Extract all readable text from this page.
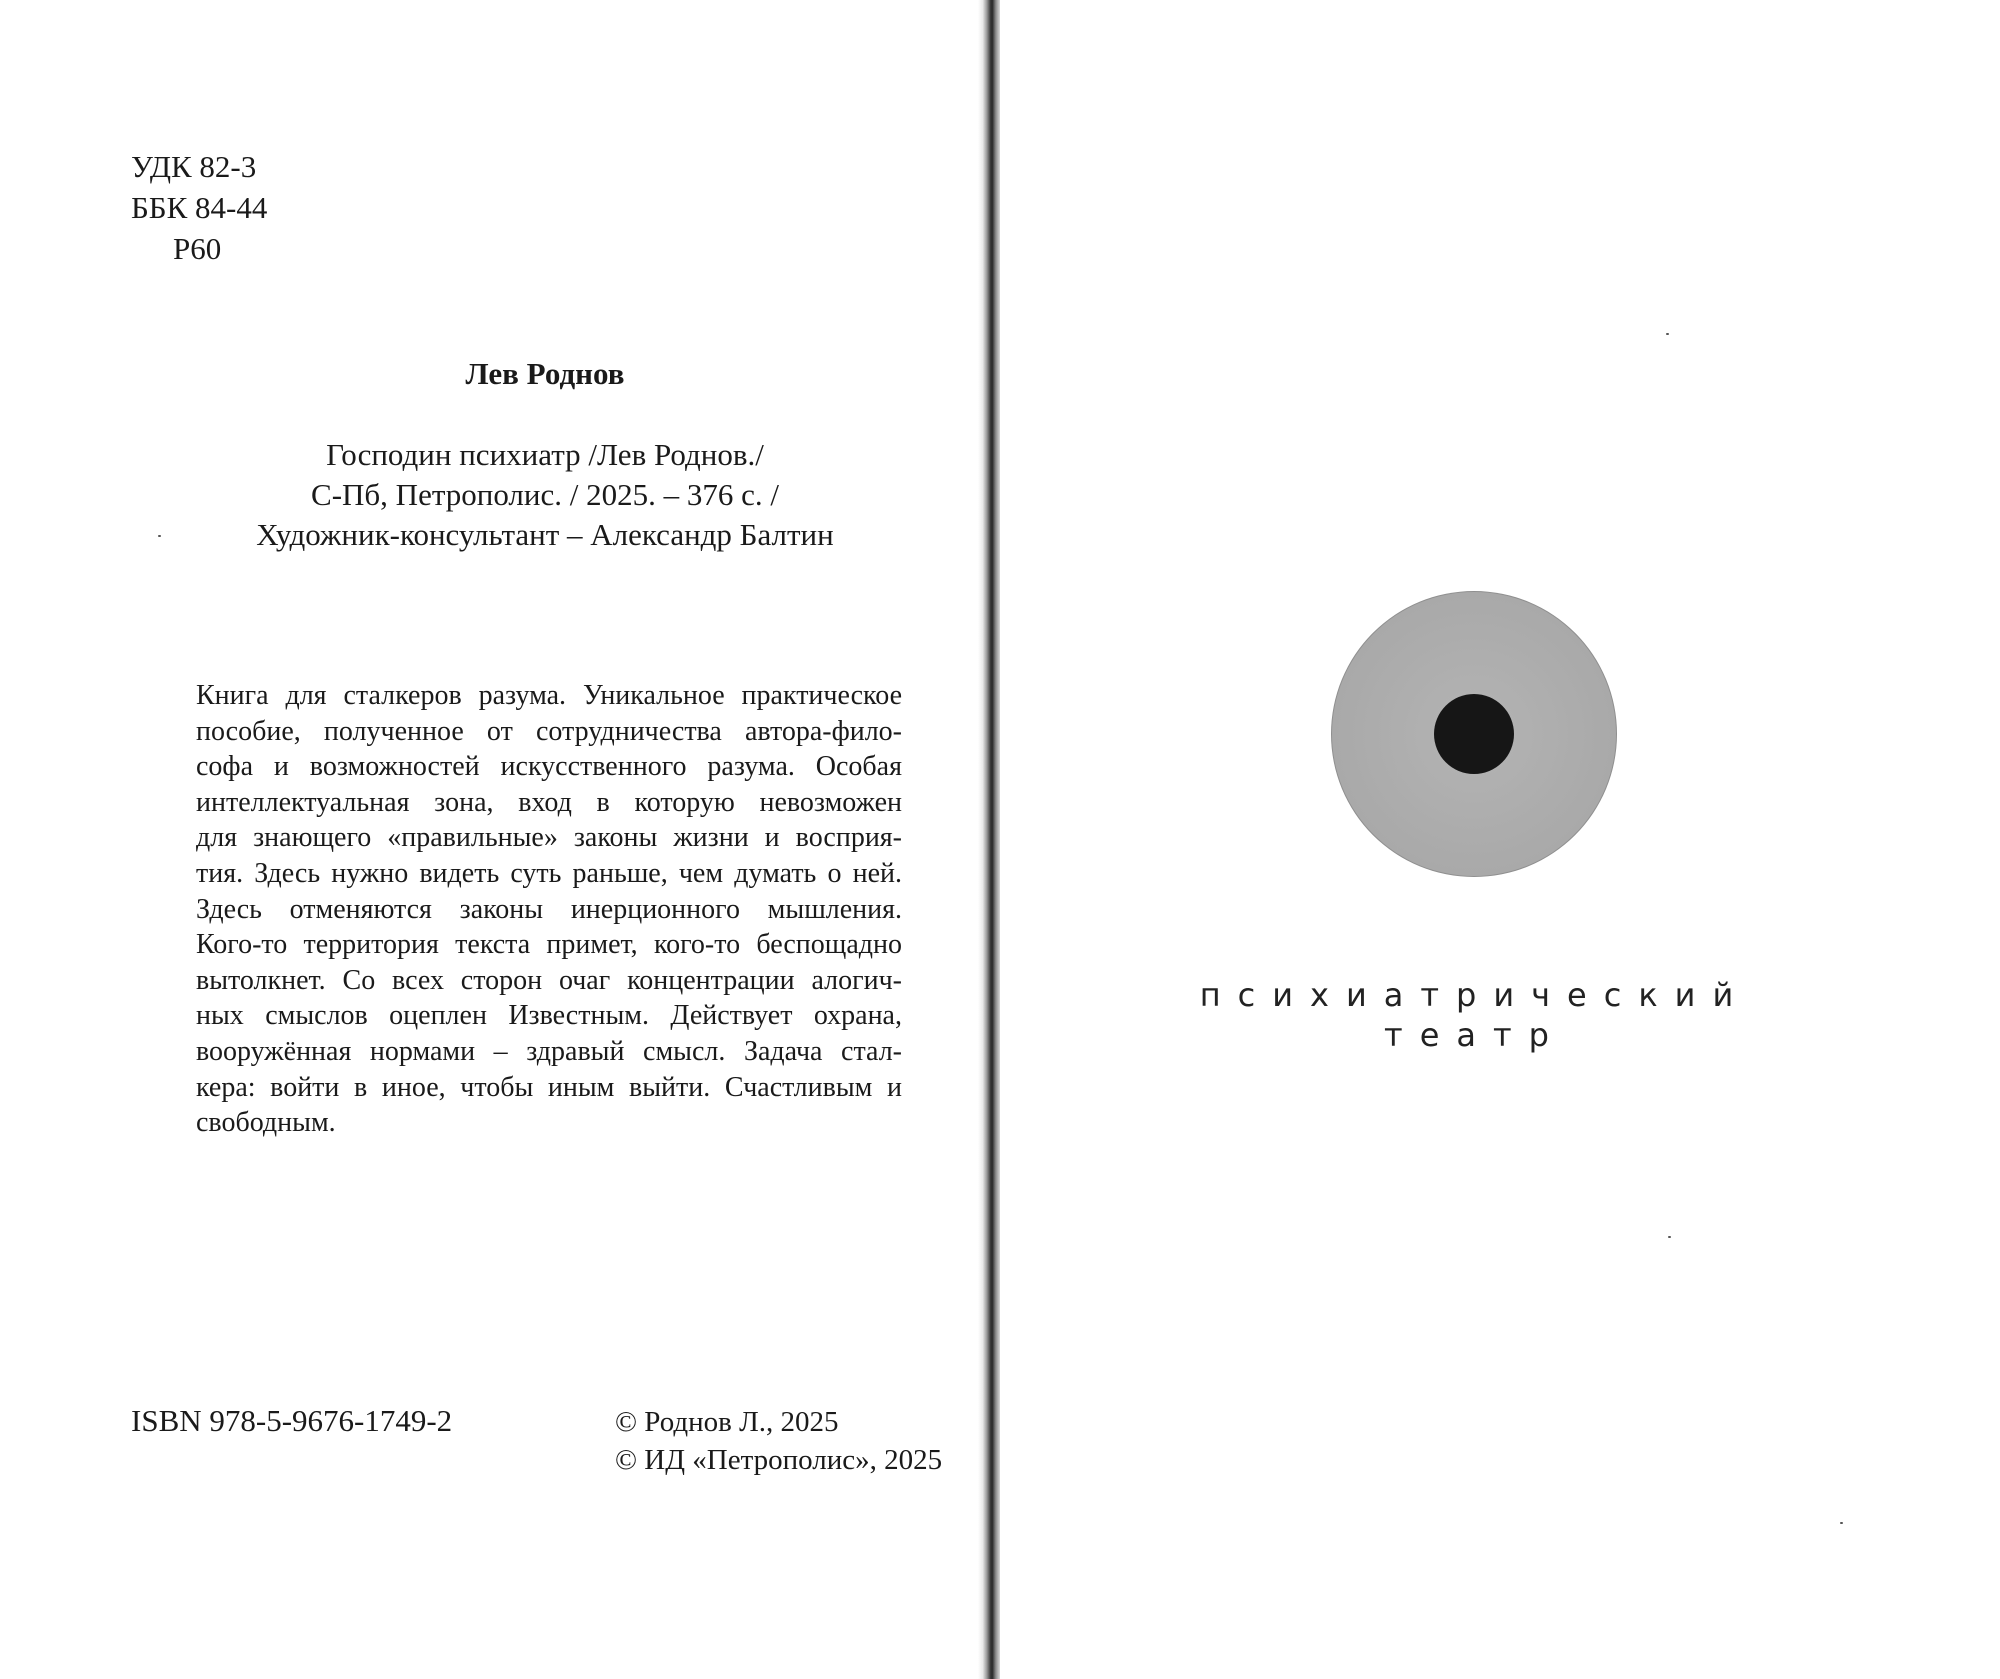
УДК 82-3
ББК 84-44
Р60
Лев Роднов
Господин психиатр /Лев Роднов./
С-Пб, Петрополис. / 2025. – 376 с. /
Художник-консультант – Александр Балтин
Книга для сталкеров разума. Уникальное практическое
пособие, полученное от сотрудничества автора-фило-
софа и возможностей искусственного разума. Особая
интеллектуальная зона, вход в которую невозможен
для знающего «правильные» законы жизни и восприя-
тия. Здесь нужно видеть суть раньше, чем думать о ней.
Здесь отменяются законы инерционного мышления.
Кого-то территория текста примет, кого-то беспощадно
вытолкнет. Со всех сторон очаг концентрации алогич-
ных смыслов оцеплен Известным. Действует охрана,
вооружённая нормами – здравый смысл. Задача стал-
кера: войти в иное, чтобы иным выйти. Счастливым и
свободным.
ISBN 978-5-9676-1749-2	© Роднов Л., 2025
© ИД «Петрополис», 2025
психиатрический
театр
